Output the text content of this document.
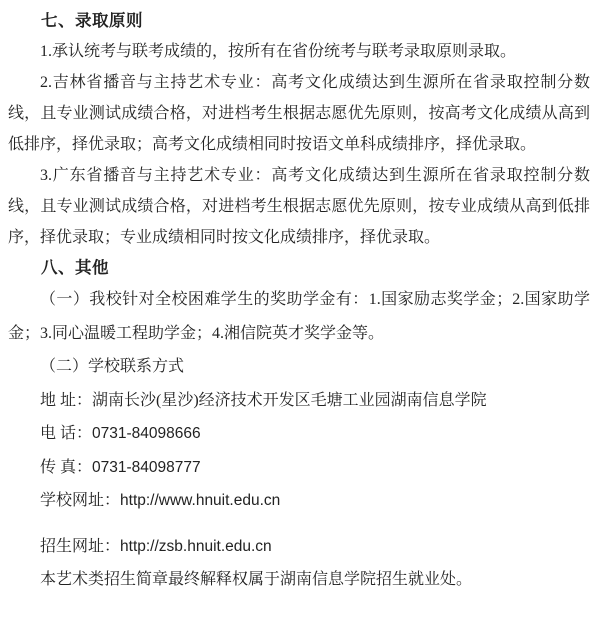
七、录取原则

1.承认统考与联考成绩的，按所有在省份统考与联考录取原则录取。

2.吉林省播音与主持艺术专业：高考文化成绩达到生源所在省录取控制分数线，且专业测试成绩合格，对进档考生根据志愿优先原则，按高考文化成绩从高到低排序，择优录取；高考文化成绩相同时按语文单科成绩排序，择优录取。

3.广东省播音与主持艺术专业：高考文化成绩达到生源所在省录取控制分数线，且专业测试成绩合格，对进档考生根据志愿优先原则，按专业成绩从高到低排序，择优录取；专业成绩相同时按文化成绩排序，择优录取。

八、其他

（一）我校针对全校困难学生的奖助学金有：1.国家励志奖学金；2.国家助学金；3.同心温暖工程助学金；4.湘信院英才奖学金等。

（二）学校联系方式

地 址：湖南长沙(星沙)经济技术开发区毛塘工业园湖南信息学院
电 话：0731-84098666
传 真：0731-84098777
学校网址：http://www.hnuit.edu.cn
招生网址：http://zsb.hnuit.edu.cn

本艺术类招生简章最终解释权属于湖南信息学院招生就业处。
